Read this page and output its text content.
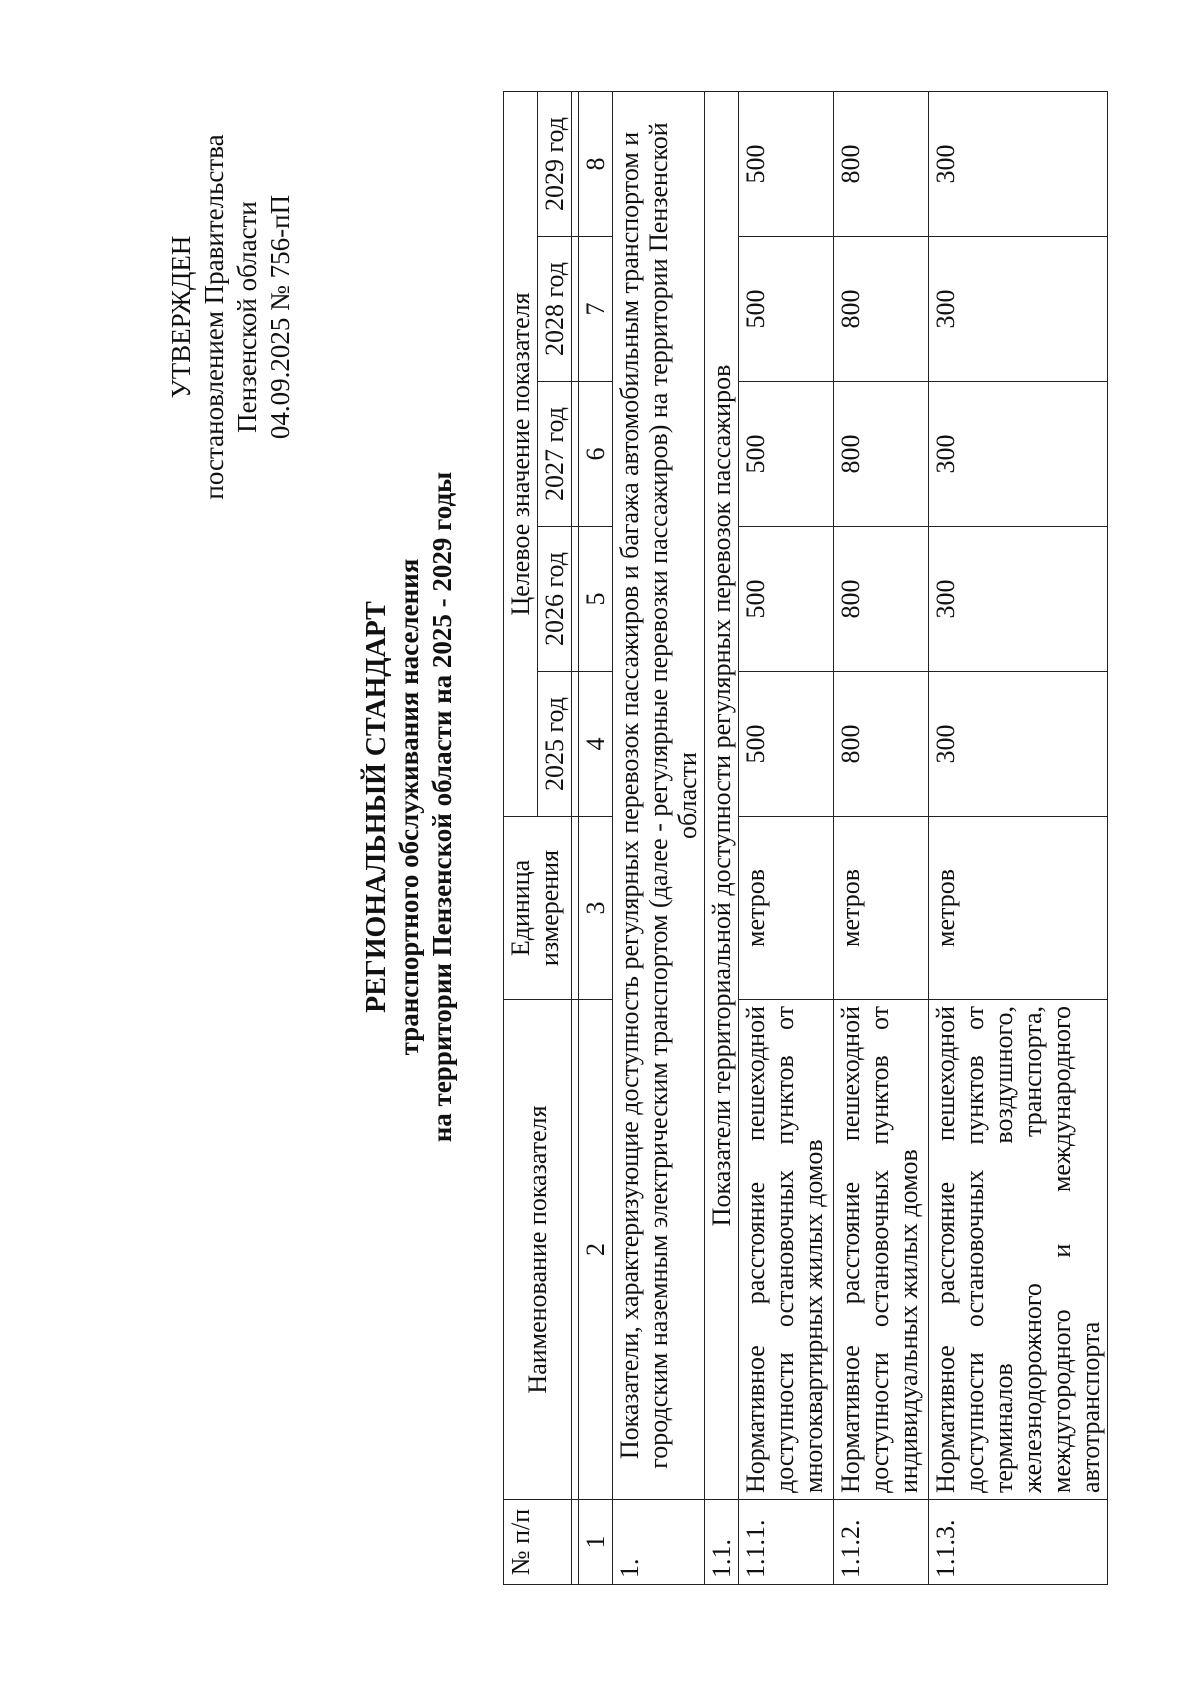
УТВЕРЖДЕН постановлением Правительства Пензенской области 04.09.2025 № 756-пП
РЕГИОНАЛЬНЫЙ СТАНДАРТ транспортного обслуживания населения на территории Пензенской области на 2025 - 2029 годы
№ п/п	Наименование показателя	Единица измерения	Целевое значение показателя				
			2025 год	2026 год	2027 год	2028 год	2029 год

1	2	3	4	5	6	7	8
1.	Показатели, характеризующие доступность регулярных перевозок пассажиров и багажа автомобильным транспортом и городским наземным электрическим транспортом (далее - регулярные перевозки пассажиров) на территории Пензенской области						
1.1.	Показатели территориальной доступности регулярных перевозок пассажиров						
1.1.1.	Нормативное расстояние пешеходной доступности остановочных пунктов от многоквартирных жилых домов	метров	500	500	500	500	500
1.1.2.	Нормативное расстояние пешеходной доступности остановочных пунктов от индивидуальных жилых домов	метров	800	800	800	800	800
1.1.3.	Нормативное расстояние пешеходной доступности остановочных пунктов от терминалов воздушного, железнодорожного транспорта, междугородного и международного автотранспорта	метров	300	300	300	300	300
